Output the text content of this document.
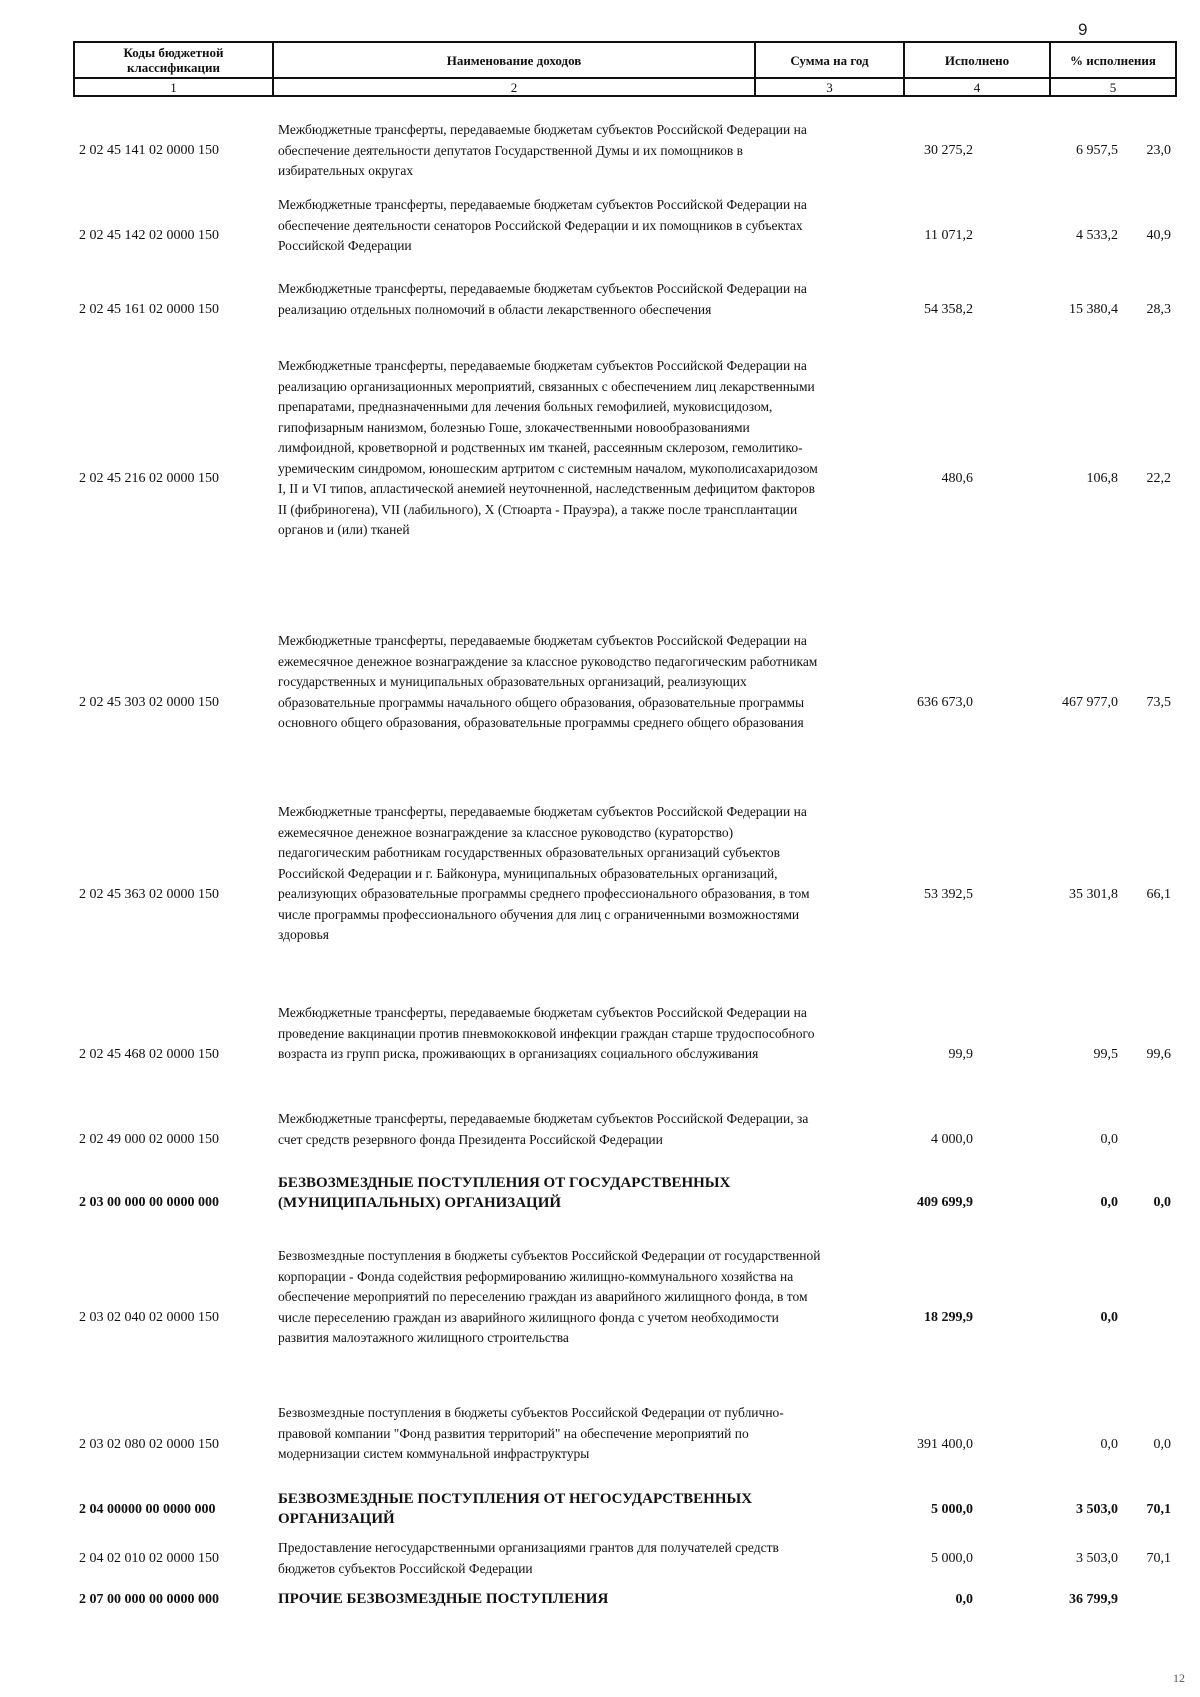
9
Коды бюджетной классификации	Наименование доходов	Сумма на год	Исполнено	% исполнения
1	2	3	4	5
2 02 45 141 02 0000 150
Межбюджетные трансферты, передаваемые бюджетам субъектов Российской Федерации на обеспечение деятельности депутатов Государственной Думы и их помощников в избирательных округах
30 275,2	6 957,5	23,0
2 02 45 142 02 0000 150
Межбюджетные трансферты, передаваемые бюджетам субъектов Российской Федерации на обеспечение деятельности сенаторов Российской Федерации и их помощников в субъектах Российской Федерации
11 071,2	4 533,2	40,9
2 02 45 161 02 0000 150
Межбюджетные трансферты, передаваемые бюджетам субъектов Российской Федерации на реализацию отдельных полномочий в области лекарственного обеспечения	54 358,2	15 380,4	28,3
2 02 45 216 02 0000 150
Межбюджетные трансферты, передаваемые бюджетам субъектов Российской Федерации на реализацию организационных мероприятий, связанных с обеспечением лиц лекарственными препаратами, предназначенными для лечения больных гемофилией, муковисцидозом, гипофизарным нанизмом, болезнью Гоше, злокачественными новообразованиями лимфоидной, кроветворной и родственных им тканей, рассеянным склерозом, гемолитико-уремическим синдромом, юношеским артритом с системным началом, мукополисахаридозом I, II и VI типов, апластической анемией неуточненной, наследственным дефицитом факторов II (фибриногена), VII (лабильного), X (Стюарта - Прауэра), а также после трансплантации органов и (или) тканей
480,6	106,8	22,2
2 02 45 303 02 0000 150
Межбюджетные трансферты, передаваемые бюджетам субъектов Российской Федерации на ежемесячное денежное вознаграждение за классное руководство педагогическим работникам государственных и муниципальных образовательных организаций, реализующих образовательные программы начального общего образования, образовательные программы основного общего образования, образовательные программы среднего общего образования
636 673,0	467 977,0	73,5
2 02 45 363 02 0000 150
Межбюджетные трансферты, передаваемые бюджетам субъектов Российской Федерации на ежемесячное денежное вознаграждение за классное руководство (кураторство) педагогическим работникам государственных образовательных организаций субъектов Российской Федерации и г. Байконура, муниципальных образовательных организаций, реализующих образовательные программы среднего профессионального образования, в том числе программы профессионального обучения для лиц с ограниченными возможностями здоровья
53 392,5	35 301,8	66,1
2 02 45 468 02 0000 150
Межбюджетные трансферты, передаваемые бюджетам субъектов Российской Федерации на проведение вакцинации против пневмококковой инфекции граждан старше трудоспособного возраста из групп риска, проживающих в организациях социального обслуживания	99,9	99,5	99,6
2 02 49 000 02 0000 150
Межбюджетные трансферты, передаваемые бюджетам субъектов Российской Федерации, за счет средств резервного фонда Президента Российской Федерации	4 000,0	0,0
2 03 00 000 00 0000 000
БЕЗВОЗМЕЗДНЫЕ ПОСТУПЛЕНИЯ ОТ ГОСУДАРСТВЕННЫХ (МУНИЦИПАЛЬНЫХ) ОРГАНИЗАЦИЙ	409 699,9	0,0	0,0
2 03 02 040 02 0000 150
Безвозмездные поступления в бюджеты субъектов Российской Федерации от государственной корпорации - Фонда содействия реформированию жилищно-коммунального хозяйства на обеспечение мероприятий по переселению граждан из аварийного жилищного фонда, в том числе переселению граждан из аварийного жилищного фонда с учетом необходимости развития малоэтажного жилищного строительства
18 299,9	0,0
2 03 02 080 02 0000 150
Безвозмездные поступления в бюджеты субъектов Российской Федерации от публично-правовой компании "Фонд развития территорий" на обеспечение мероприятий по модернизации систем коммунальной инфраструктуры
391 400,0	0,0	0,0
2 04 00000 00 0000 000
БЕЗВОЗМЕЗДНЫЕ ПОСТУПЛЕНИЯ ОТ НЕГОСУДАРСТВЕННЫХ ОРГАНИЗАЦИЙ
5 000,0	3 503,0	70,1
2 04 02 010 02 0000 150
Предоставление негосударственными организациями грантов для получателей средств бюджетов субъектов Российской Федерации
5 000,0	3 503,0	70,1
2 07 00 000 00 0000 000	ПРОЧИЕ БЕЗВОЗМЕЗДНЫЕ ПОСТУПЛЕНИЯ	0,0	36 799,9
12
